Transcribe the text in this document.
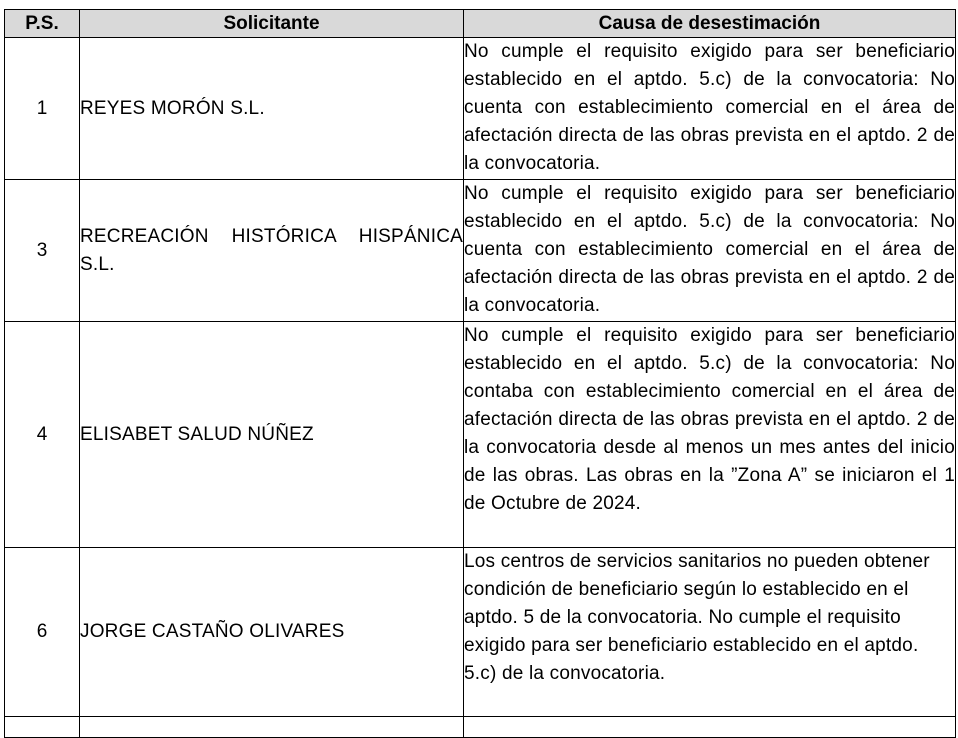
P.S.	Solicitante	Causa de desestimación
1	REYES MORÓN S.L.	No cumple el requisito exigido para ser beneficiario establecido en el aptdo. 5.c) de la convocatoria: No cuenta con establecimiento comercial en el área de afectación directa de las obras prevista en el aptdo. 2 de la convocatoria.
3	RECREACIÓN HISTÓRICA HISPÁNICA S.L.	No cumple el requisito exigido para ser beneficiario establecido en el aptdo. 5.c) de la convocatoria: No cuenta con establecimiento comercial en el área de afectación directa de las obras prevista en el aptdo. 2 de la convocatoria.
4	ELISABET SALUD NÚÑEZ	No cumple el requisito exigido para ser beneficiario establecido en el aptdo. 5.c) de la convocatoria: No contaba con establecimiento comercial en el área de afectación directa de las obras prevista en el aptdo. 2 de la convocatoria desde al menos un mes antes del inicio de las obras. Las obras en la ”Zona A” se iniciaron el 1 de Octubre de 2024.
6	JORGE CASTAÑO OLIVARES	Los centros de servicios sanitarios no pueden obtener condición de beneficiario según lo establecido en el aptdo. 5 de la convocatoria. No cumple el requisito exigido para ser beneficiario establecido en el aptdo. 5.c) de la convocatoria.
